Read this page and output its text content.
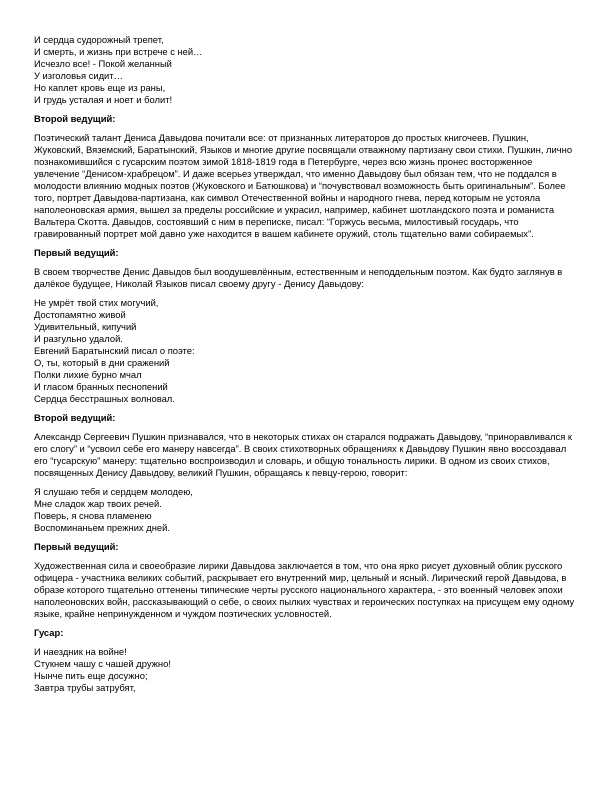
И сердца судорожный трепет,
И смерть, и жизнь при встрече с ней…
Исчезло все! - Покой желанный
У изголовья сидит…
Но каплет кровь еще из раны,
И грудь усталая и ноет и болит!
Второй ведущий:
Поэтический талант Дениса Давыдова почитали все: от признанных литераторов до простых книгочеев. Пушкин, Жуковский, Вяземский, Баратынский, Языков и многие другие посвящали отважному партизану свои стихи. Пушкин, лично познакомившийся с гусарским поэтом зимой 1818-1819 года в Петербурге, через всю жизнь пронес восторженное увлечение “Денисом-храбрецом”. И даже всерьез утверждал, что именно Давыдову был обязан тем, что не поддался в молодости влиянию модных поэтов (Жуковского и Батюшкова) и “почувствовал возможность быть оригинальным”. Более того, портрет Давыдова-партизана, как символ Отечественной войны и народного гнева, перед которым не устояла наполеоновская армия, вышел за пределы российские и украсил, например, кабинет шотландского поэта и романиста Вальтера Скотта. Давыдов, состоявший с ним в переписке, писал: “Горжусь весьма, милостивый государь, что гравированный портрет мой давно уже находится в вашем кабинете оружий, столь тщательно вами собираемых”.
Первый ведущий:
В своем творчестве Денис Давыдов был воодушевлённым, естественным и неподдельным поэтом. Как будто заглянув в далёкое будущее, Николай Языков писал своему другу - Денису Давыдову:
Не умрёт твой стих могучий,
Достопамятно живой
Удивительный, кипучий
И разгульно удалой.
Евгений Баратынский писал о поэте:
О, ты, который в дни сражений
Полки лихие бурно мчал
И гласом бранных песнопений
Сердца бесстрашных волновал.
Второй ведущий:
Александр Сергеевич Пушкин признавался, что в некоторых стихах он старался подражать Давыдову, “приноравливался к его слогу” и “усвоил себе его манеру навсегда”. В своих стихотворных обращениях к Давыдову Пушкин явно воссоздавал его “гусарскую” манеру: тщательно воспроизводил и словарь, и общую тональность лирики. В одном из своих стихов, посвященных Денису Давыдову, великий Пушкин, обращаясь к певцу-герою, говорит:
Я слушаю тебя и сердцем молодею,
Мне сладок жар твоих речей.
Поверь, я снова пламенею
Воспоминаньем прежних дней.
Первый ведущий:
Художественная сила и своеобразие лирики Давыдова заключается в том, что она ярко рисует духовный облик русского офицера - участника великих событий, раскрывает его внутренний мир, цельный и ясный. Лирический герой Давыдова, в образе которого тщательно оттенены типические черты русского национального характера, - это военный человек эпохи наполеоновских войн, рассказывающий о себе, о своих пылких чувствах и героических поступках на присущем ему одному языке, крайне непринужденном и чуждом поэтических условностей.
Гусар:
И наездник на войне!
Стукнем чашу с чашей дружно!
Нынче пить еще досужно;
Завтра трубы затрубят,
